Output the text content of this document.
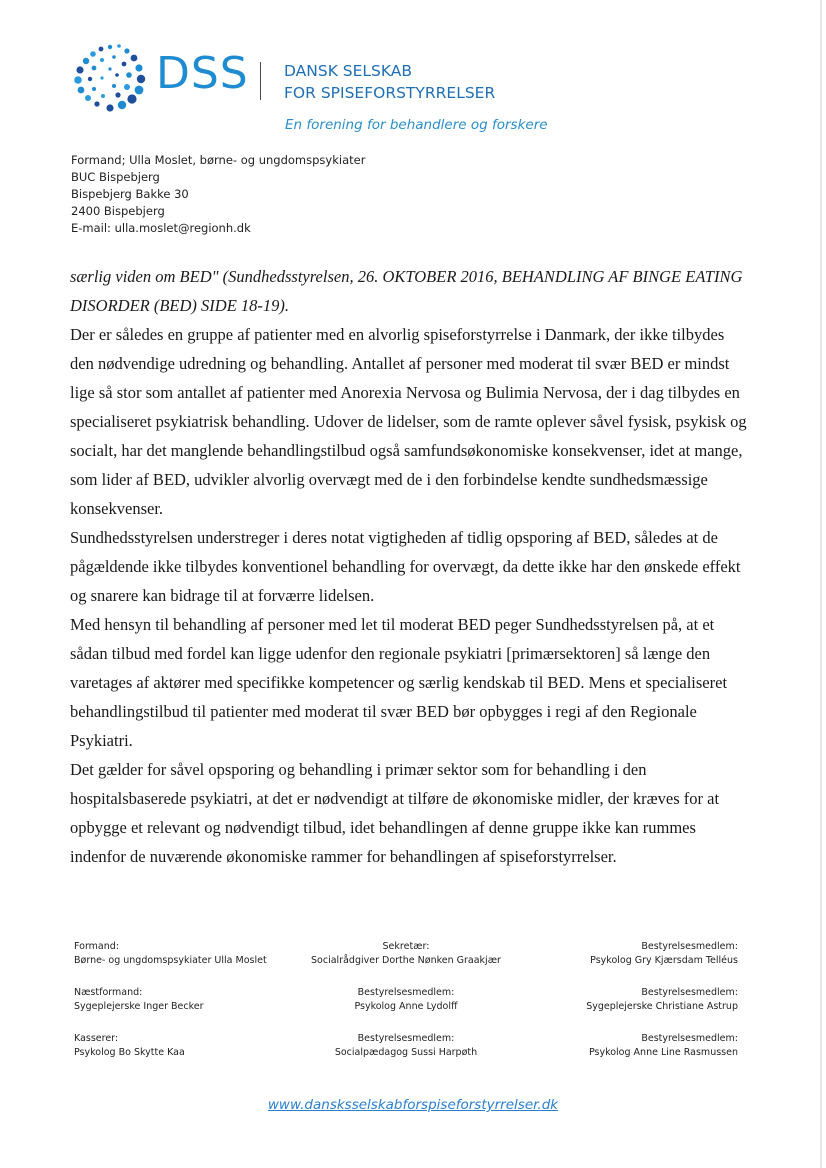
DSS DANSK SELSKAB
FOR SPISEFORSTYRRELSER
En forening for behandlere og forskere
Formand; Ulla Moslet, børne- og ungdomspsykiater
BUC Bispebjerg
Bispebjerg Bakke 30
2400 Bispebjerg
E-mail: ulla.moslet@regionh.dk

særlig viden om BED" (Sundhedsstyrelsen, 26. OKTOBER 2016, BEHANDLING AF BINGE EATING DISORDER (BED) SIDE 18-19).

Der er således en gruppe af patienter med en alvorlig spiseforstyrrelse i Danmark, der ikke tilbydes den nødvendige udredning og behandling. Antallet af personer med moderat til svær BED er mindst lige så stor som antallet af patienter med Anorexia Nervosa og Bulimia Nervosa, der i dag tilbydes en specialiseret psykiatrisk behandling. Udover de lidelser, som de ramte oplever såvel fysisk, psykisk og socialt, har det manglende behandlingstilbud også samfundsøkonomiske konsekvenser, idet at mange, som lider af BED, udvikler alvorlig overvægt med de i den forbindelse kendte sundhedsmæssige konsekvenser.

Sundhedsstyrelsen understreger i deres notat vigtigheden af tidlig opsporing af BED, således at de pågældende ikke tilbydes konventionel behandling for overvægt, da dette ikke har den ønskede effekt og snarere kan bidrage til at forværre lidelsen.

Med hensyn til behandling af personer med let til moderat BED peger Sundhedsstyrelsen på, at et sådan tilbud med fordel kan ligge udenfor den regionale psykiatri [primærsektoren] så længe den varetages af aktører med specifikke kompetencer og særlig kendskab til BED. Mens et specialiseret behandlingstilbud til patienter med moderat til svær BED bør opbygges i regi af den Regionale Psykiatri.

Det gælder for såvel opsporing og behandling i primær sektor som for behandling i den hospitalsbaserede psykiatri, at det er nødvendigt at tilføre de økonomiske midler, der kræves for at opbygge et relevant og nødvendigt tilbud, idet behandlingen af denne gruppe ikke kan rummes indenfor de nuværende økonomiske rammer for behandlingen af spiseforstyrrelser.

Formand:
Børne- og ungdomspsykiater Ulla Moslet
Sekretær:
Socialrådgiver Dorthe Nønken Graakjær
Bestyrelsesmedlem:
Psykolog Gry Kjærsdam Telléus
Næstformand:
Sygeplejerske Inger Becker
Bestyrelsesmedlem:
Psykolog Anne Lydolff
Bestyrelsesmedlem:
Sygeplejerske Christiane Astrup
Kasserer:
Psykolog Bo Skytte Kaa
Bestyrelsesmedlem:
Socialpædagog Sussi Harpøth
Bestyrelsesmedlem:
Psykolog Anne Line Rasmussen
www.dansksselskabforspiseforstyrrelser.dk
